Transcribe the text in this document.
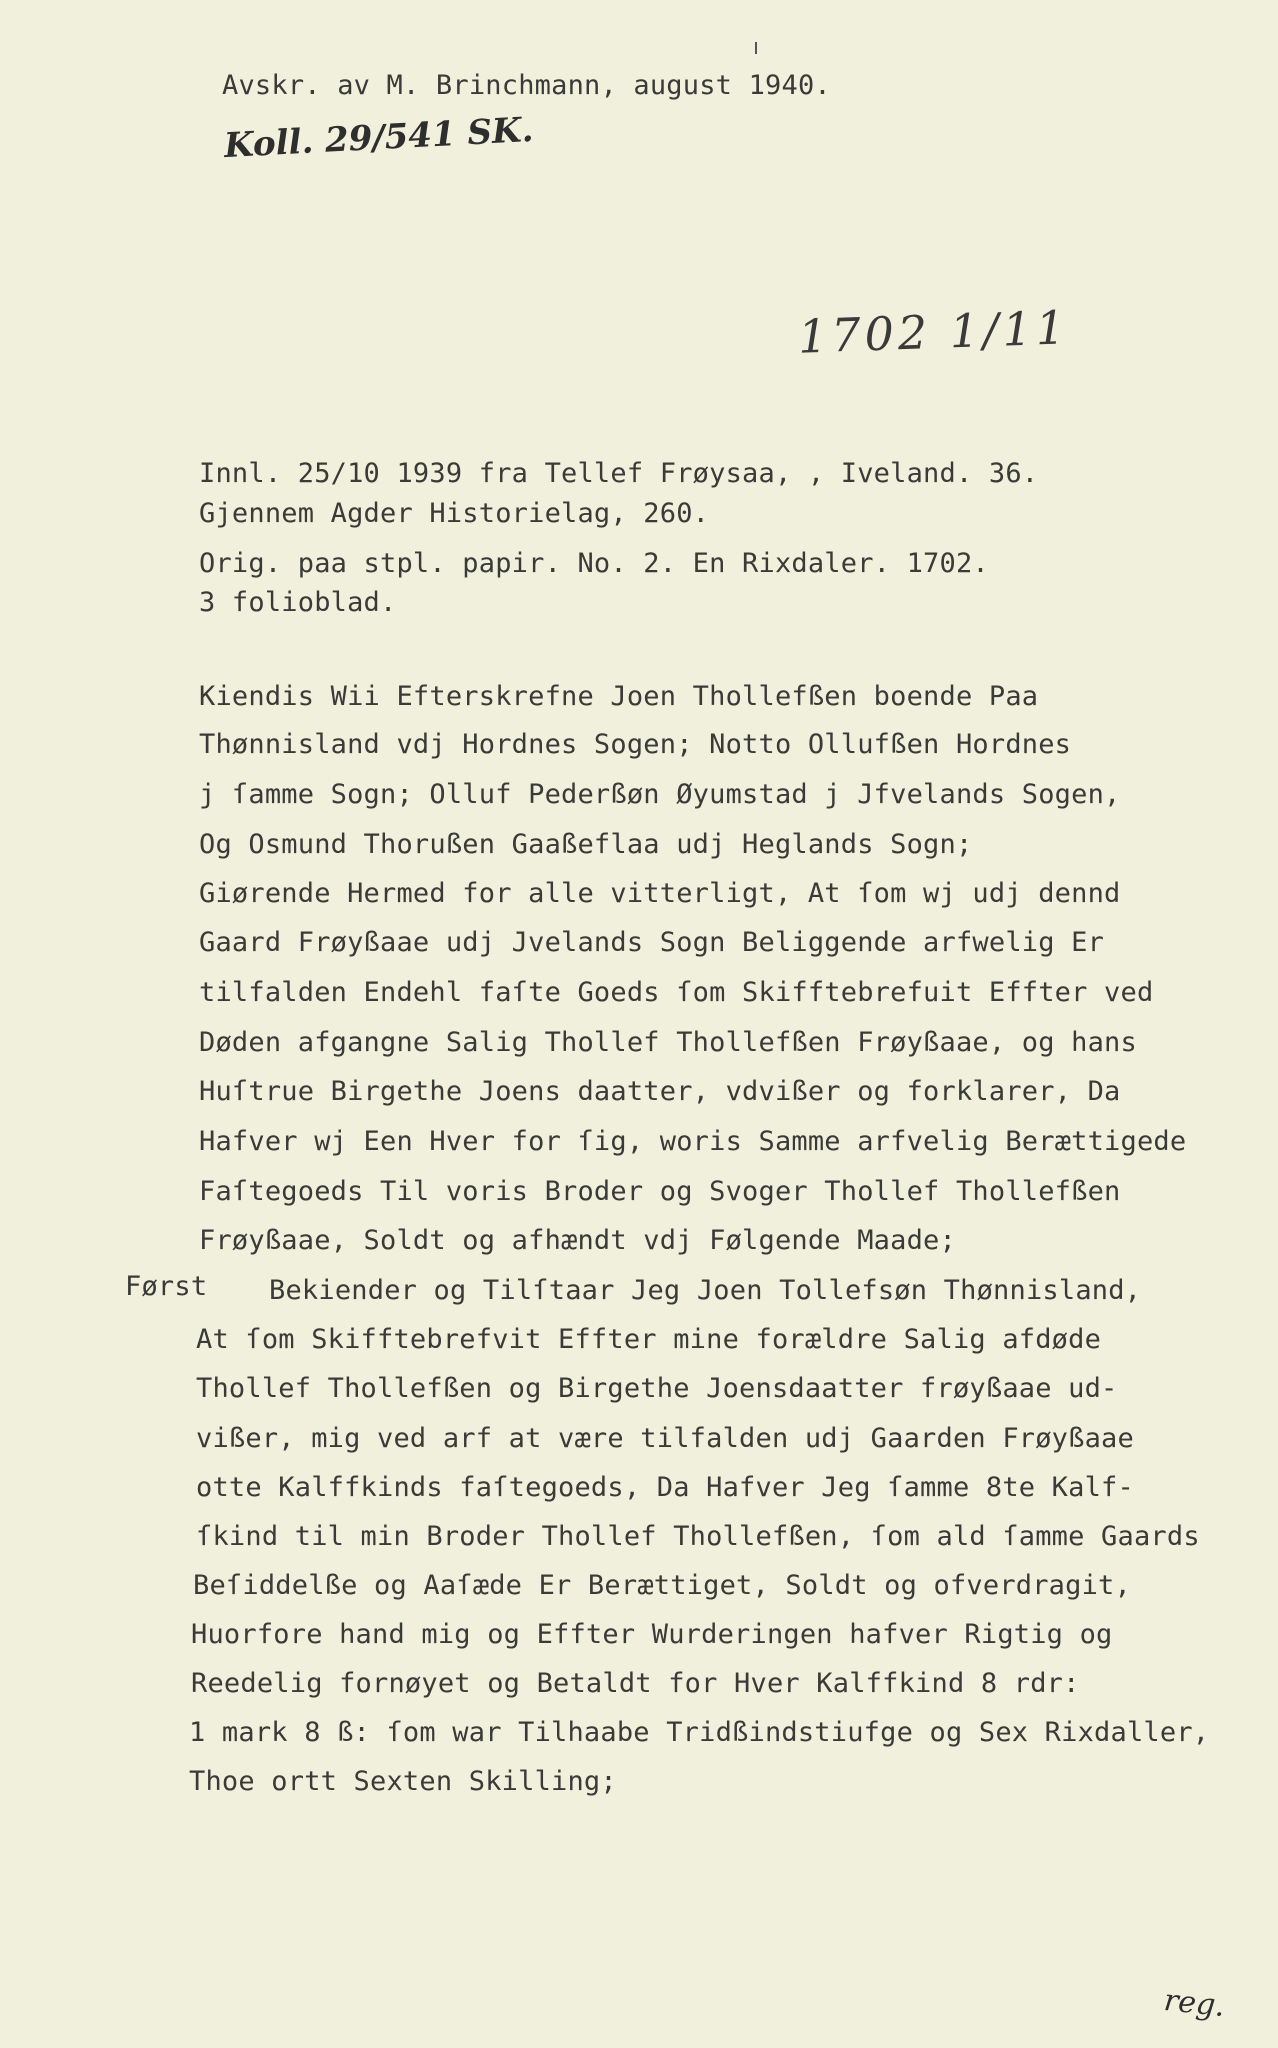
Avskr. av M. Brinchmann, august 1940.
Koll. 29/541 SK.
1702 1/11
Innl. 25/10 1939 fra Tellef Frøysaa, , Iveland. 36.
Gjennem Agder Historielag, 260.
Orig. paa stpl. papir. No. 2. En Rixdaler. 1702.
3 folioblad.
Kiendis Wii Efterskrefne Joen Thollefßen boende Paa
Thønnisland vdj Hordnes Sogen; Notto Ollufßen Hordnes
j ſamme Sogn; Olluf Pederßøn Øyumstad j Jfvelands Sogen,
Og Osmund Thorußen Gaaßeflaa udj Heglands Sogn;
Giørende Hermed for alle vitterligt, At ſom wj udj dennd
Gaard Frøyßaae udj Jvelands Sogn Beliggende arfwelig Er
tilfalden Endehl faſte Goeds ſom Skifftebrefuit Effter ved
Døden afgangne Salig Thollef Thollefßen Frøyßaae, og hans
Huſtrue Birgethe Joens daatter, vdvißer og forklarer, Da
Hafver wj Een Hver for ſig, woris Samme arfvelig Berættigede
Faſtegoeds Til voris Broder og Svoger Thollef Thollefßen
Frøyßaae, Soldt og afhændt vdj Følgende Maade;
Først Bekiender og Tilſtaar Jeg Joen Tollefsøn Thønnisland,
At ſom Skifftebrefvit Effter mine forældre Salig afdøde
Thollef Thollefßen og Birgethe Joensdaatter frøyßaae ud-
vißer, mig ved arf at være tilfalden udj Gaarden Frøyßaae
otte Kalffkinds faſtegoeds, Da Hafver Jeg ſamme 8te Kalf-
ſkind til min Broder Thollef Thollefßen, ſom ald ſamme Gaards
Beſiddelße og Aaſæde Er Berættiget, Soldt og ofverdragit,
Huorfore hand mig og Effter Wurderingen hafver Rigtig og
Reedelig fornøyet og Betaldt for Hver Kalffkind 8 rdr:
1 mark 8 ß: ſom war Tilhaabe Tridßindstiufge og Sex Rixdaller,
Thoe ortt Sexten Skilling;
reg.
